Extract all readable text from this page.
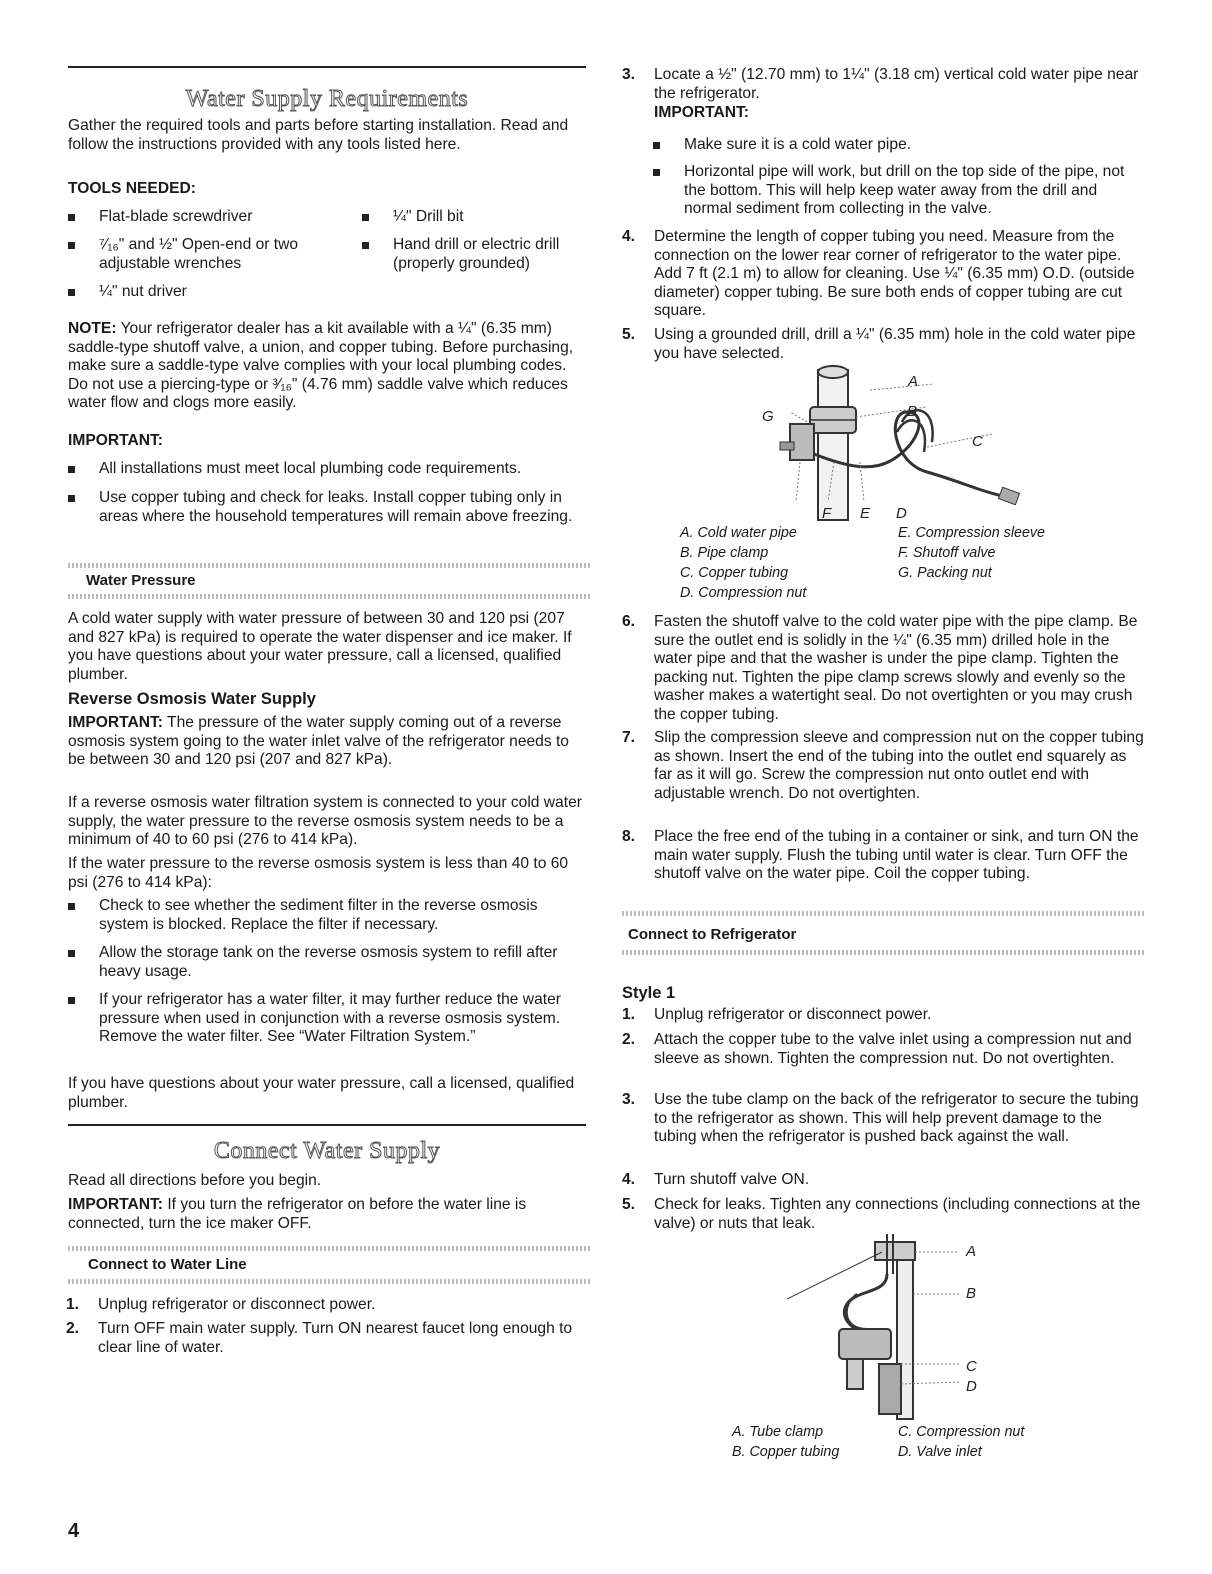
Water Supply Requirements

Gather the required tools and parts before starting installation. Read and follow the instructions provided with any tools listed here.

TOOLS NEEDED:
Flat-blade screwdriver	¼" Drill bit
⁷⁄₁₆" and ½" Open-end or two adjustable wrenches
Hand drill or electric drill (properly grounded)
¼" nut driver

NOTE: Your refrigerator dealer has a kit available with a ¼" (6.35 mm) saddle-type shutoff valve, a union, and copper tubing. Before purchasing, make sure a saddle-type valve complies with your local plumbing codes. Do not use a piercing-type or ³⁄₁₆" (4.76 mm) saddle valve which reduces water flow and clogs more easily.

IMPORTANT:
All installations must meet local plumbing code requirements.
Use copper tubing and check for leaks. Install copper tubing only in areas where the household temperatures will remain above freezing.
Water Pressure

A cold water supply with water pressure of between 30 and 120 psi (207 and 827 kPa) is required to operate the water dispenser and ice maker. If you have questions about your water pressure, call a licensed, qualified plumber.

Reverse Osmosis Water Supply

IMPORTANT: The pressure of the water supply coming out of a reverse osmosis system going to the water inlet valve of the refrigerator needs to be between 30 and 120 psi (207 and 827 kPa).

If a reverse osmosis water filtration system is connected to your cold water supply, the water pressure to the reverse osmosis system needs to be a minimum of 40 to 60 psi (276 to 414 kPa).

If the water pressure to the reverse osmosis system is less than 40 to 60 psi (276 to 414 kPa):

Check to see whether the sediment filter in the reverse osmosis system is blocked. Replace the filter if necessary.
Allow the storage tank on the reverse osmosis system to refill after heavy usage.
If your refrigerator has a water filter, it may further reduce the water pressure when used in conjunction with a reverse osmosis system. Remove the water filter. See “Water Filtration System.”

If you have questions about your water pressure, call a licensed, qualified plumber.

Connect Water Supply

Read all directions before you begin.

IMPORTANT: If you turn the refrigerator on before the water line is connected, turn the ice maker OFF.

Connect to Water Line
1. Unplug refrigerator or disconnect power.
2. Turn OFF main water supply. Turn ON nearest faucet long enough to clear line of water.
3. Locate a ½" (12.70 mm) to 1¼" (3.18 cm) vertical cold water pipe near the refrigerator.
IMPORTANT:
Make sure it is a cold water pipe.
Horizontal pipe will work, but drill on the top side of the pipe, not the bottom. This will help keep water away from the drill and normal sediment from collecting in the valve.
4. Determine the length of copper tubing you need. Measure from the connection on the lower rear corner of refrigerator to the water pipe. Add 7 ft (2.1 m) to allow for cleaning. Use ¼" (6.35 mm) O.D. (outside diameter) copper tubing. Be sure both ends of copper tubing are cut square.
5. Using a grounded drill, drill a ¼" (6.35 mm) hole in the cold water pipe you have selected.
A
B
C
D
E
F
G
A. Cold water pipe
B. Pipe clamp
C. Copper tubing
D. Compression nut
E. Compression sleeve
F. Shutoff valve
G. Packing nut
6. Fasten the shutoff valve to the cold water pipe with the pipe clamp. Be sure the outlet end is solidly in the ¼" (6.35 mm) drilled hole in the water pipe and that the washer is under the pipe clamp. Tighten the packing nut. Tighten the pipe clamp screws slowly and evenly so the washer makes a watertight seal. Do not overtighten or you may crush the copper tubing.
7. Slip the compression sleeve and compression nut on the copper tubing as shown. Insert the end of the tubing into the outlet end squarely as far as it will go. Screw the compression nut onto outlet end with adjustable wrench. Do not overtighten.
8. Place the free end of the tubing in a container or sink, and turn ON the main water supply. Flush the tubing until water is clear. Turn OFF the shutoff valve on the water pipe. Coil the copper tubing.
Connect to Refrigerator
Style 1
1. Unplug refrigerator or disconnect power.
2. Attach the copper tube to the valve inlet using a compression nut and sleeve as shown. Tighten the compression nut. Do not overtighten.
3. Use the tube clamp on the back of the refrigerator to secure the tubing to the refrigerator as shown. This will help prevent damage to the tubing when the refrigerator is pushed back against the wall.
4. Turn shutoff valve ON.
5. Check for leaks. Tighten any connections (including connections at the valve) or nuts that leak.
A
B
C
D
A. Tube clamp
B. Copper tubing
C. Compression nut
D. Valve inlet
4
